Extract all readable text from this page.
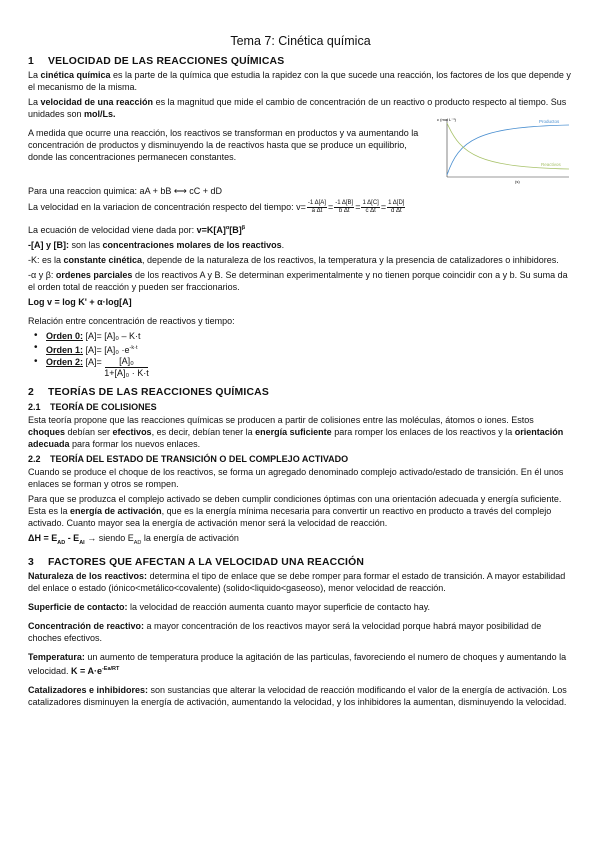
Tema 7: Cinética química
1 VELOCIDAD DE LAS REACCIONES QUÍMICAS

La cinética química es la parte de la química que estudia la rapidez con la que sucede una reacción, los factores de los que depende y el mecanismo de la misma.

La velocidad de una reacción es la magnitud que mide el cambio de concentración de un reactivo o producto respecto al tiempo. Sus unidades son mol/Ls.

A medida que ocurre una reacción, los reactivos se transforman en productos y va aumentando la concentración de productos y disminuyendo la de reactivos hasta que se produce un equilibrio, donde las concentraciones permanecen constantes.

c (mol L⁻¹)
(s)
Productos
Reactivos

Para una reaccion quimica: aA + bB ⟷ cC + dD

La velocidad en la variacion de concentración respecto del tiempo: $v= \frac{-1 \Delta[A]}{\text{a Δt}} = \frac{-1 \Delta[B]}{\text{b Δt}} = \frac{1 \Delta[C]}{\text{c Δt}} = \frac{1 \Delta[D]}{\text{d Δt}}$

La ecuación de velocidad viene dada por: $v=K[A]^\alpha[B]^\beta$

-[A] y [B]: son las concentraciones molares de los reactivos.

-K: es la constante cinética, depende de la naturaleza de los reactivos, la temperatura y la presencia de catalizadores o inhibidores.

-α y β: ordenes parciales de los reactivos A y B. Se determinan experimentalmente y no tienen porque coincidir con a y b. Su suma da el orden total de reacción y pueden ser fraccionarios.

Log v = log K' + α·log[A]

Relación entre concentración de reactivos y tiempo:

• Orden 0: [A]= [A]₀ – K·t
• Orden 1: $[A]= [A]_0 \cdot e^{-k\cdot t}$
• Orden 2: $[A]= \frac{\text{[A]₀}}{\text{1+[A]₀ · K·t}}$
2 TEORÍAS DE LAS REACCIONES QUÍMICAS
2.1 TEORÍA DE COLISIONES

Esta teoría propone que las reacciones químicas se producen a partir de colisiones entre las moléculas, átomos o iones. Estos choques debían ser efectivos, es decir, debían tener la energía suficiente para romper los enlaces de los reactivos y la orientación adecuada para formar los nuevos enlaces.

2.2 TEORÍA DEL ESTADO DE TRANSICIÓN O DEL COMPLEJO ACTIVADO

Cuando se produce el choque de los reactivos, se forma un agregado denominado complejo activado/estado de transición. En él unos enlaces se forman y otros se rompen.

Para que se produzca el complejo activado se deben cumplir condiciones óptimas con una orientación adecuada y energía suficiente. Esta es la energía de activación, que es la energía mínima necesaria para convertir un reactivo en producto a través del complejo activado. Cuanto mayor sea la energía de activación menor será la velocidad de reacción.

$\Delta H = E_{AD} - E_{AI}$ → siendo $E_{AD}$ la energía de activación

3 FACTORES QUE AFECTAN A LA VELOCIDAD UNA REACCIÓN

Naturaleza de los reactivos: determina el tipo de enlace que se debe romper para formar el estado de transición. A mayor estabilidad del enlace o estado (iónico<metálico<covalente) (solido<liquido<gaseoso), menor velocidad de reacción.

Superficie de contacto: la velocidad de reacción aumenta cuanto mayor superficie de contacto hay.

Concentración de reactivo: a mayor concentración de los reactivos mayor será la velocidad porque habrá mayor posibilidad de choches efectivos.

Temperatura: un aumento de temperatura produce la agitación de las particulas, favoreciendo el numero de choques y aumentando la velocidad. $K = A\cdot e^{-Ea/RT}$

Catalizadores e inhibidores: son sustancias que alterar la velocidad de reacción modificando el valor de la energía de activación. Los catalizadores disminuyen la energía de activación, aumentando la velocidad, y los inhibidores la aumentan, disminuyendo la velocidad.
